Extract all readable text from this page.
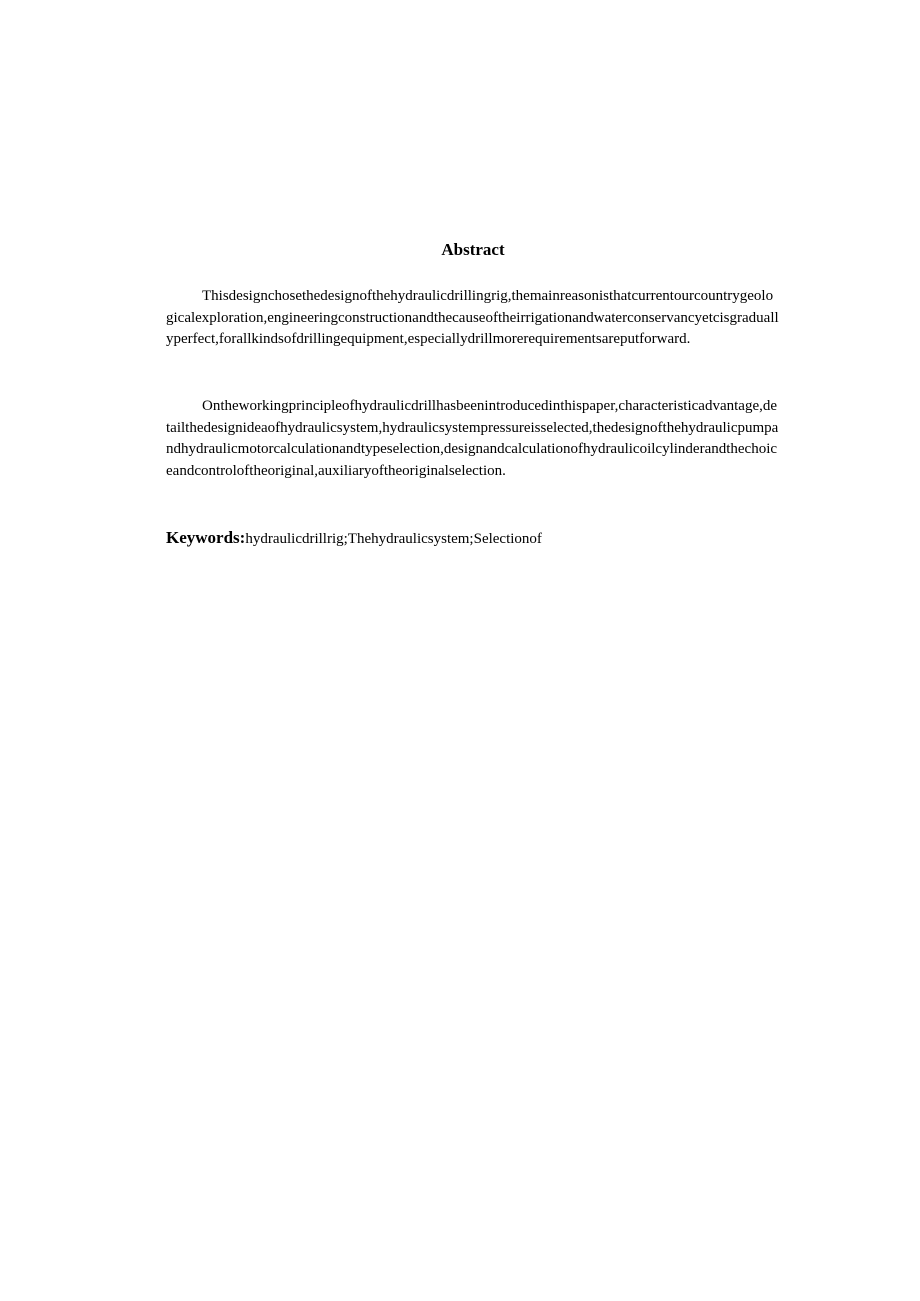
Abstract
Thisdesignchosethedesignofthehydraulicdrillingrig,themainreasonisthatcurrentourcountrygeologicalexploration,engineeringconstructionandthecauseoftheirrigationandwaterconservancyetcisgraduallyperfect,forallkindsofdrillingequipment,especiallydrillmorerequirementsareputforward.
Ontheworkingprincipleofhydraulicdrillhasbeenintroducedinthispaper,characteristicadvantage,detailthedesignideaofhydraulicsystem,hydraulicsystempressureisselected,thedesignofthehydraulicpumpandhydraulicmotorcalculationandtypeselection,designandcalculationofhydraulicoilcylinderandthechoiceandcontroloftheoriginal,auxiliaryoftheoriginalselection.
Keywords:hydraulicdrillrig;Thehydraulicsystem;Selectionof
